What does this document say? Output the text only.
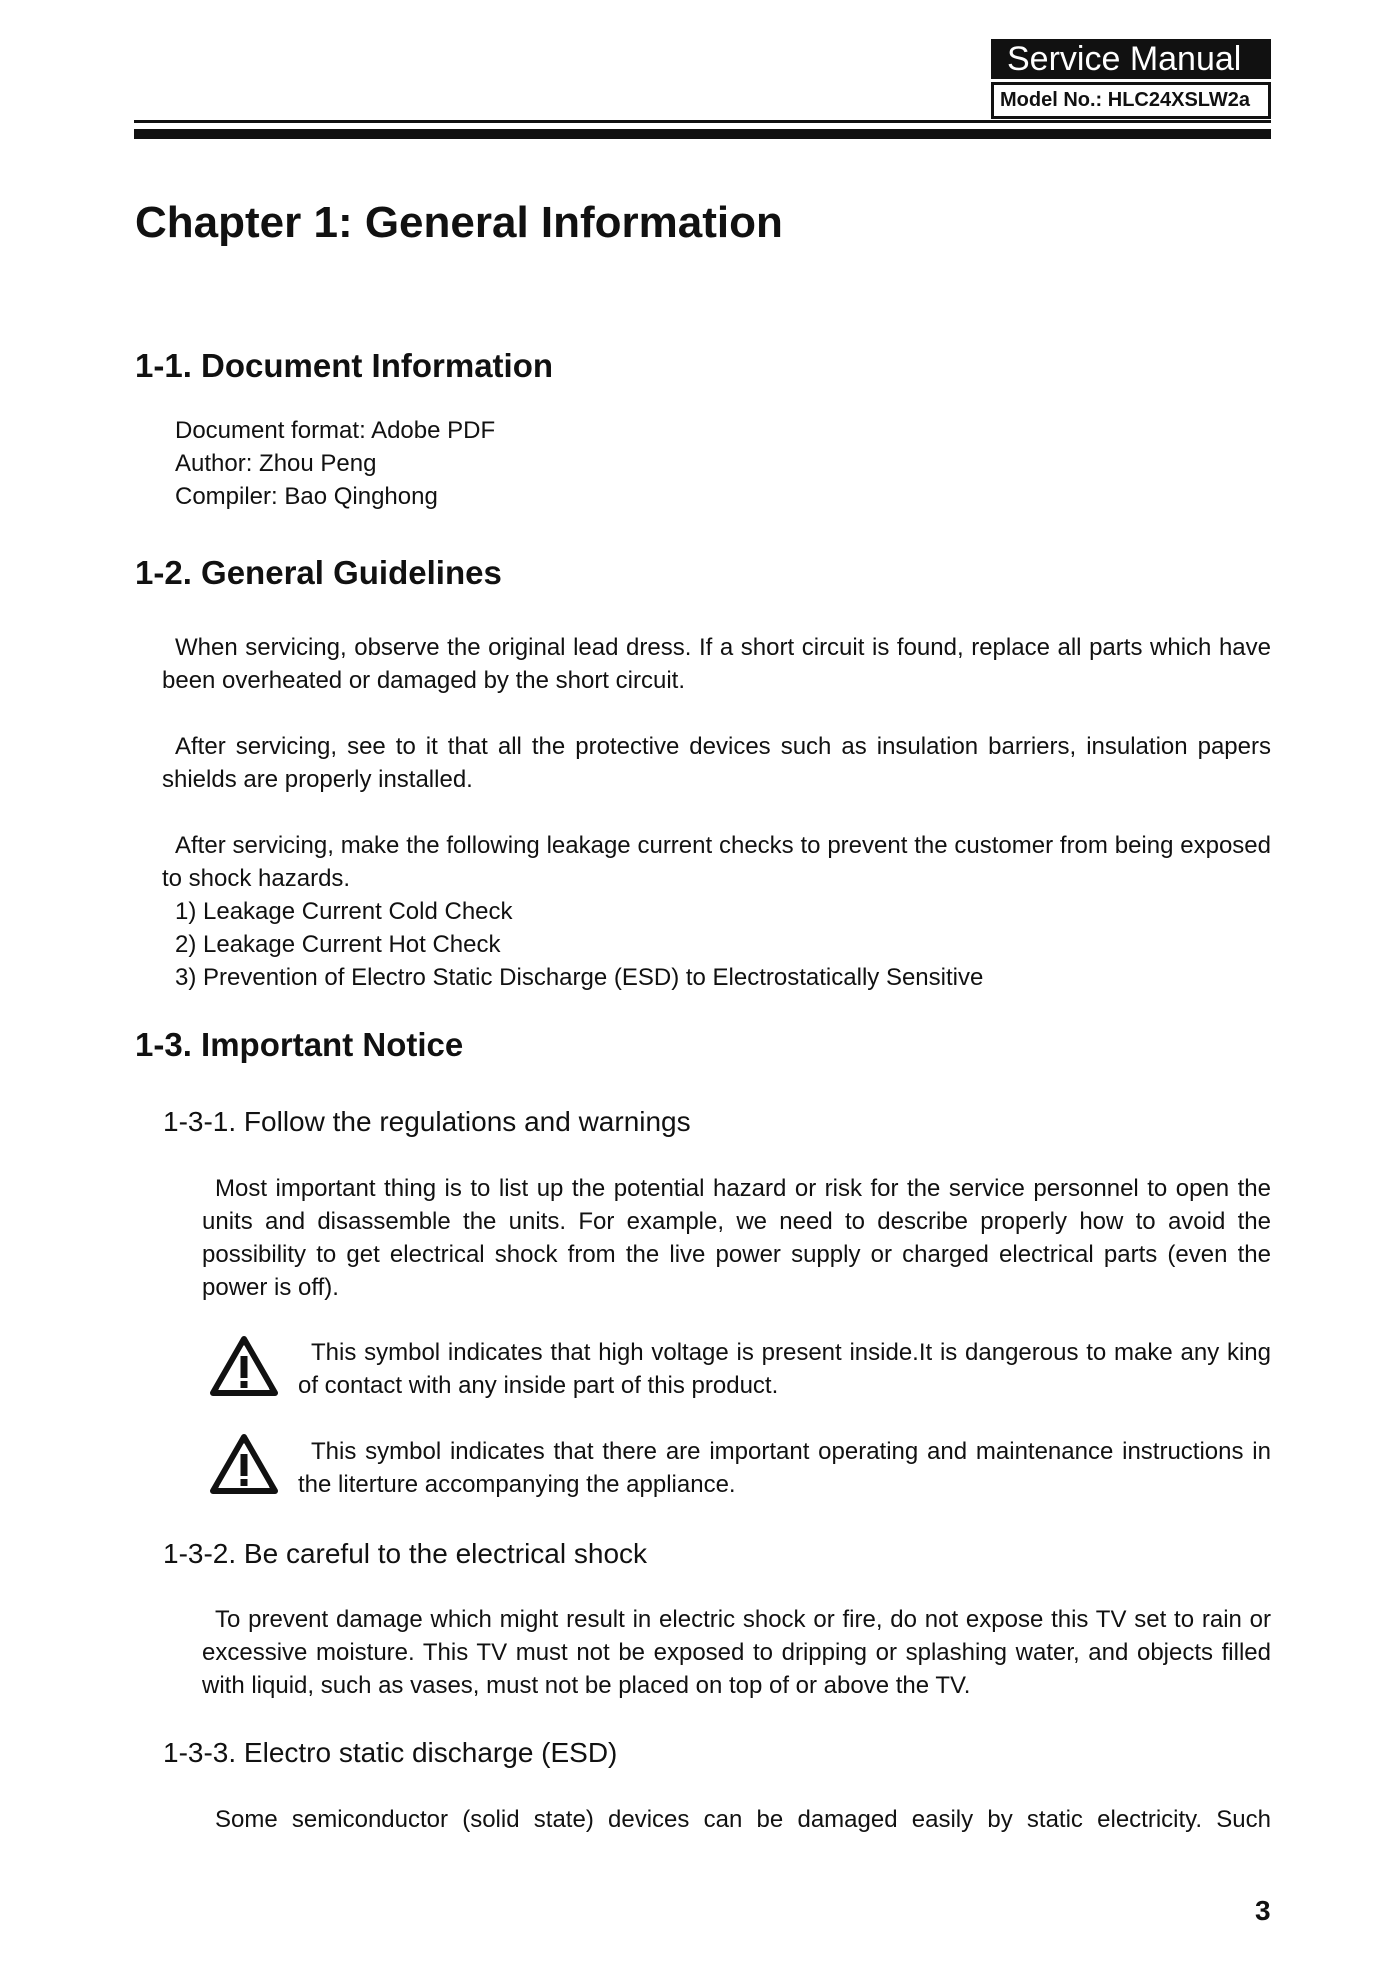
Service Manual
Model No.: HLC24XSLW2a
Chapter 1: General Information
1-1. Document Information
Document format: Adobe PDF
Author: Zhou Peng
Compiler: Bao Qinghong
1-2. General Guidelines

When servicing, observe the original lead dress. If a short circuit is found, replace all parts which have been overheated or damaged by the short circuit.

After servicing, see to it that all the protective devices such as insulation barriers, insulation papers shields are properly installed.

After servicing, make the following leakage current checks to prevent the customer from being exposed to shock hazards.

1) Leakage Current Cold Check
2) Leakage Current Hot Check
3) Prevention of Electro Static Discharge (ESD) to Electrostatically Sensitive
1-3. Important Notice
1-3-1. Follow the regulations and warnings

Most important thing is to list up the potential hazard or risk for the service personnel to open the units and disassemble the units. For example, we need to describe properly how to avoid the possibility to get electrical shock from the live power supply or charged electrical parts (even the power is off).

This symbol indicates that high voltage is present inside.It is dangerous to make any king of contact with any inside part of this product.

This symbol indicates that there are important operating and maintenance instructions in the literture accompanying the appliance.

1-3-2. Be careful to the electrical shock

To prevent damage which might result in electric shock or fire, do not expose this TV set to rain or excessive moisture. This TV must not be exposed to dripping or splashing water, and objects filled with liquid, such as vases, must not be placed on top of or above the TV.

1-3-3. Electro static discharge (ESD)

Some semiconductor (solid state) devices can be damaged easily by static electricity. Such

3
